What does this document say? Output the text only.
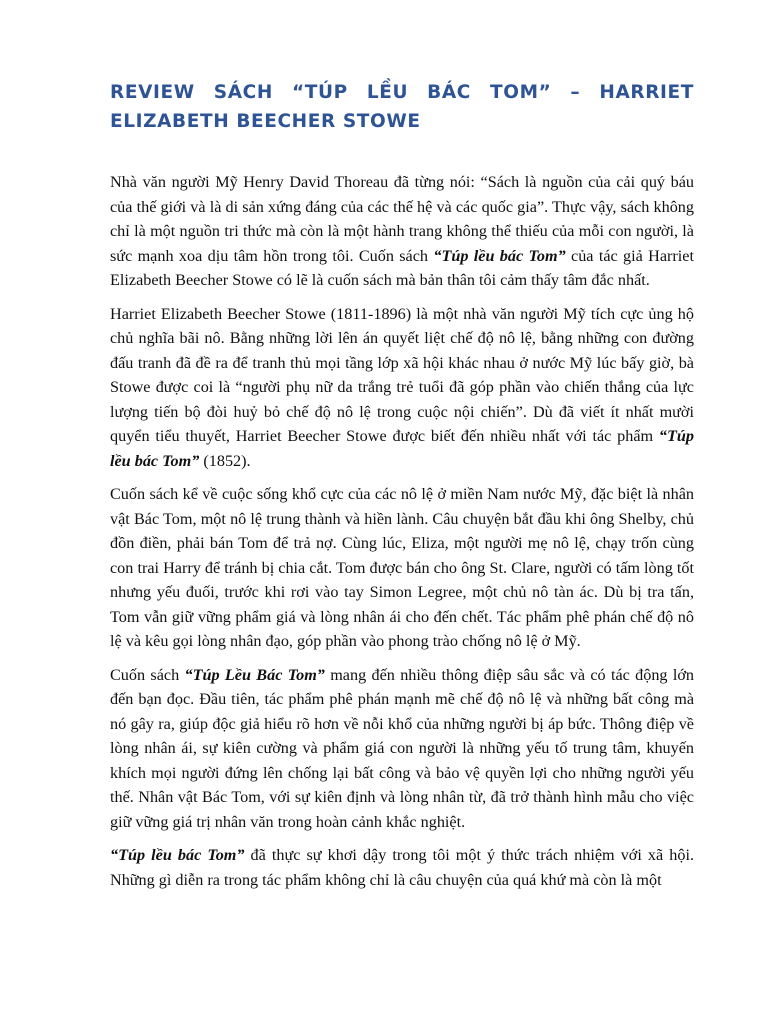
REVIEW SÁCH “TÚP LỀU BÁC TOM” – HARRIET ELIZABETH BEECHER STOWE

Nhà văn người Mỹ Henry David Thoreau đã từng nói: “Sách là nguồn của cải quý báu của thế giới và là di sản xứng đáng của các thế hệ và các quốc gia”. Thực vậy, sách không chỉ là một nguồn tri thức mà còn là một hành trang không thể thiếu của mỗi con người, là sức mạnh xoa dịu tâm hồn trong tôi. Cuốn sách “Túp lều bác Tom” của tác giả Harriet Elizabeth Beecher Stowe có lẽ là cuốn sách mà bản thân tôi cảm thấy tâm đắc nhất.

Harriet Elizabeth Beecher Stowe (1811-1896) là một nhà văn người Mỹ tích cực ủng hộ chủ nghĩa bãi nô. Bằng những lời lên án quyết liệt chế độ nô lệ, bằng những con đường đấu tranh đã đề ra để tranh thủ mọi tầng lớp xã hội khác nhau ở nước Mỹ lúc bấy giờ, bà Stowe được coi là “người phụ nữ da trắng trẻ tuổi đã góp phần vào chiến thắng của lực lượng tiến bộ đòi huỷ bỏ chế độ nô lệ trong cuộc nội chiến”. Dù đã viết ít nhất mười quyển tiểu thuyết, Harriet Beecher Stowe được biết đến nhiều nhất với tác phẩm “Túp lều bác Tom” (1852).

Cuốn sách kể về cuộc sống khổ cực của các nô lệ ở miền Nam nước Mỹ, đặc biệt là nhân vật Bác Tom, một nô lệ trung thành và hiền lành. Câu chuyện bắt đầu khi ông Shelby, chủ đồn điền, phải bán Tom để trả nợ. Cùng lúc, Eliza, một người mẹ nô lệ, chạy trốn cùng con trai Harry để tránh bị chia cắt. Tom được bán cho ông St. Clare, người có tấm lòng tốt nhưng yếu đuối, trước khi rơi vào tay Simon Legree, một chủ nô tàn ác. Dù bị tra tấn, Tom vẫn giữ vững phẩm giá và lòng nhân ái cho đến chết. Tác phẩm phê phán chế độ nô lệ và kêu gọi lòng nhân đạo, góp phần vào phong trào chống nô lệ ở Mỹ.

Cuốn sách “Túp Lều Bác Tom” mang đến nhiều thông điệp sâu sắc và có tác động lớn đến bạn đọc. Đầu tiên, tác phẩm phê phán mạnh mẽ chế độ nô lệ và những bất công mà nó gây ra, giúp độc giả hiểu rõ hơn về nỗi khổ của những người bị áp bức. Thông điệp về lòng nhân ái, sự kiên cường và phẩm giá con người là những yếu tố trung tâm, khuyến khích mọi người đứng lên chống lại bất công và bảo vệ quyền lợi cho những người yếu thế. Nhân vật Bác Tom, với sự kiên định và lòng nhân từ, đã trở thành hình mẫu cho việc giữ vững giá trị nhân văn trong hoàn cảnh khắc nghiệt.

“Túp lều bác Tom” đã thực sự khơi dậy trong tôi một ý thức trách nhiệm với xã hội. Những gì diễn ra trong tác phẩm không chỉ là câu chuyện của quá khứ mà còn là một
